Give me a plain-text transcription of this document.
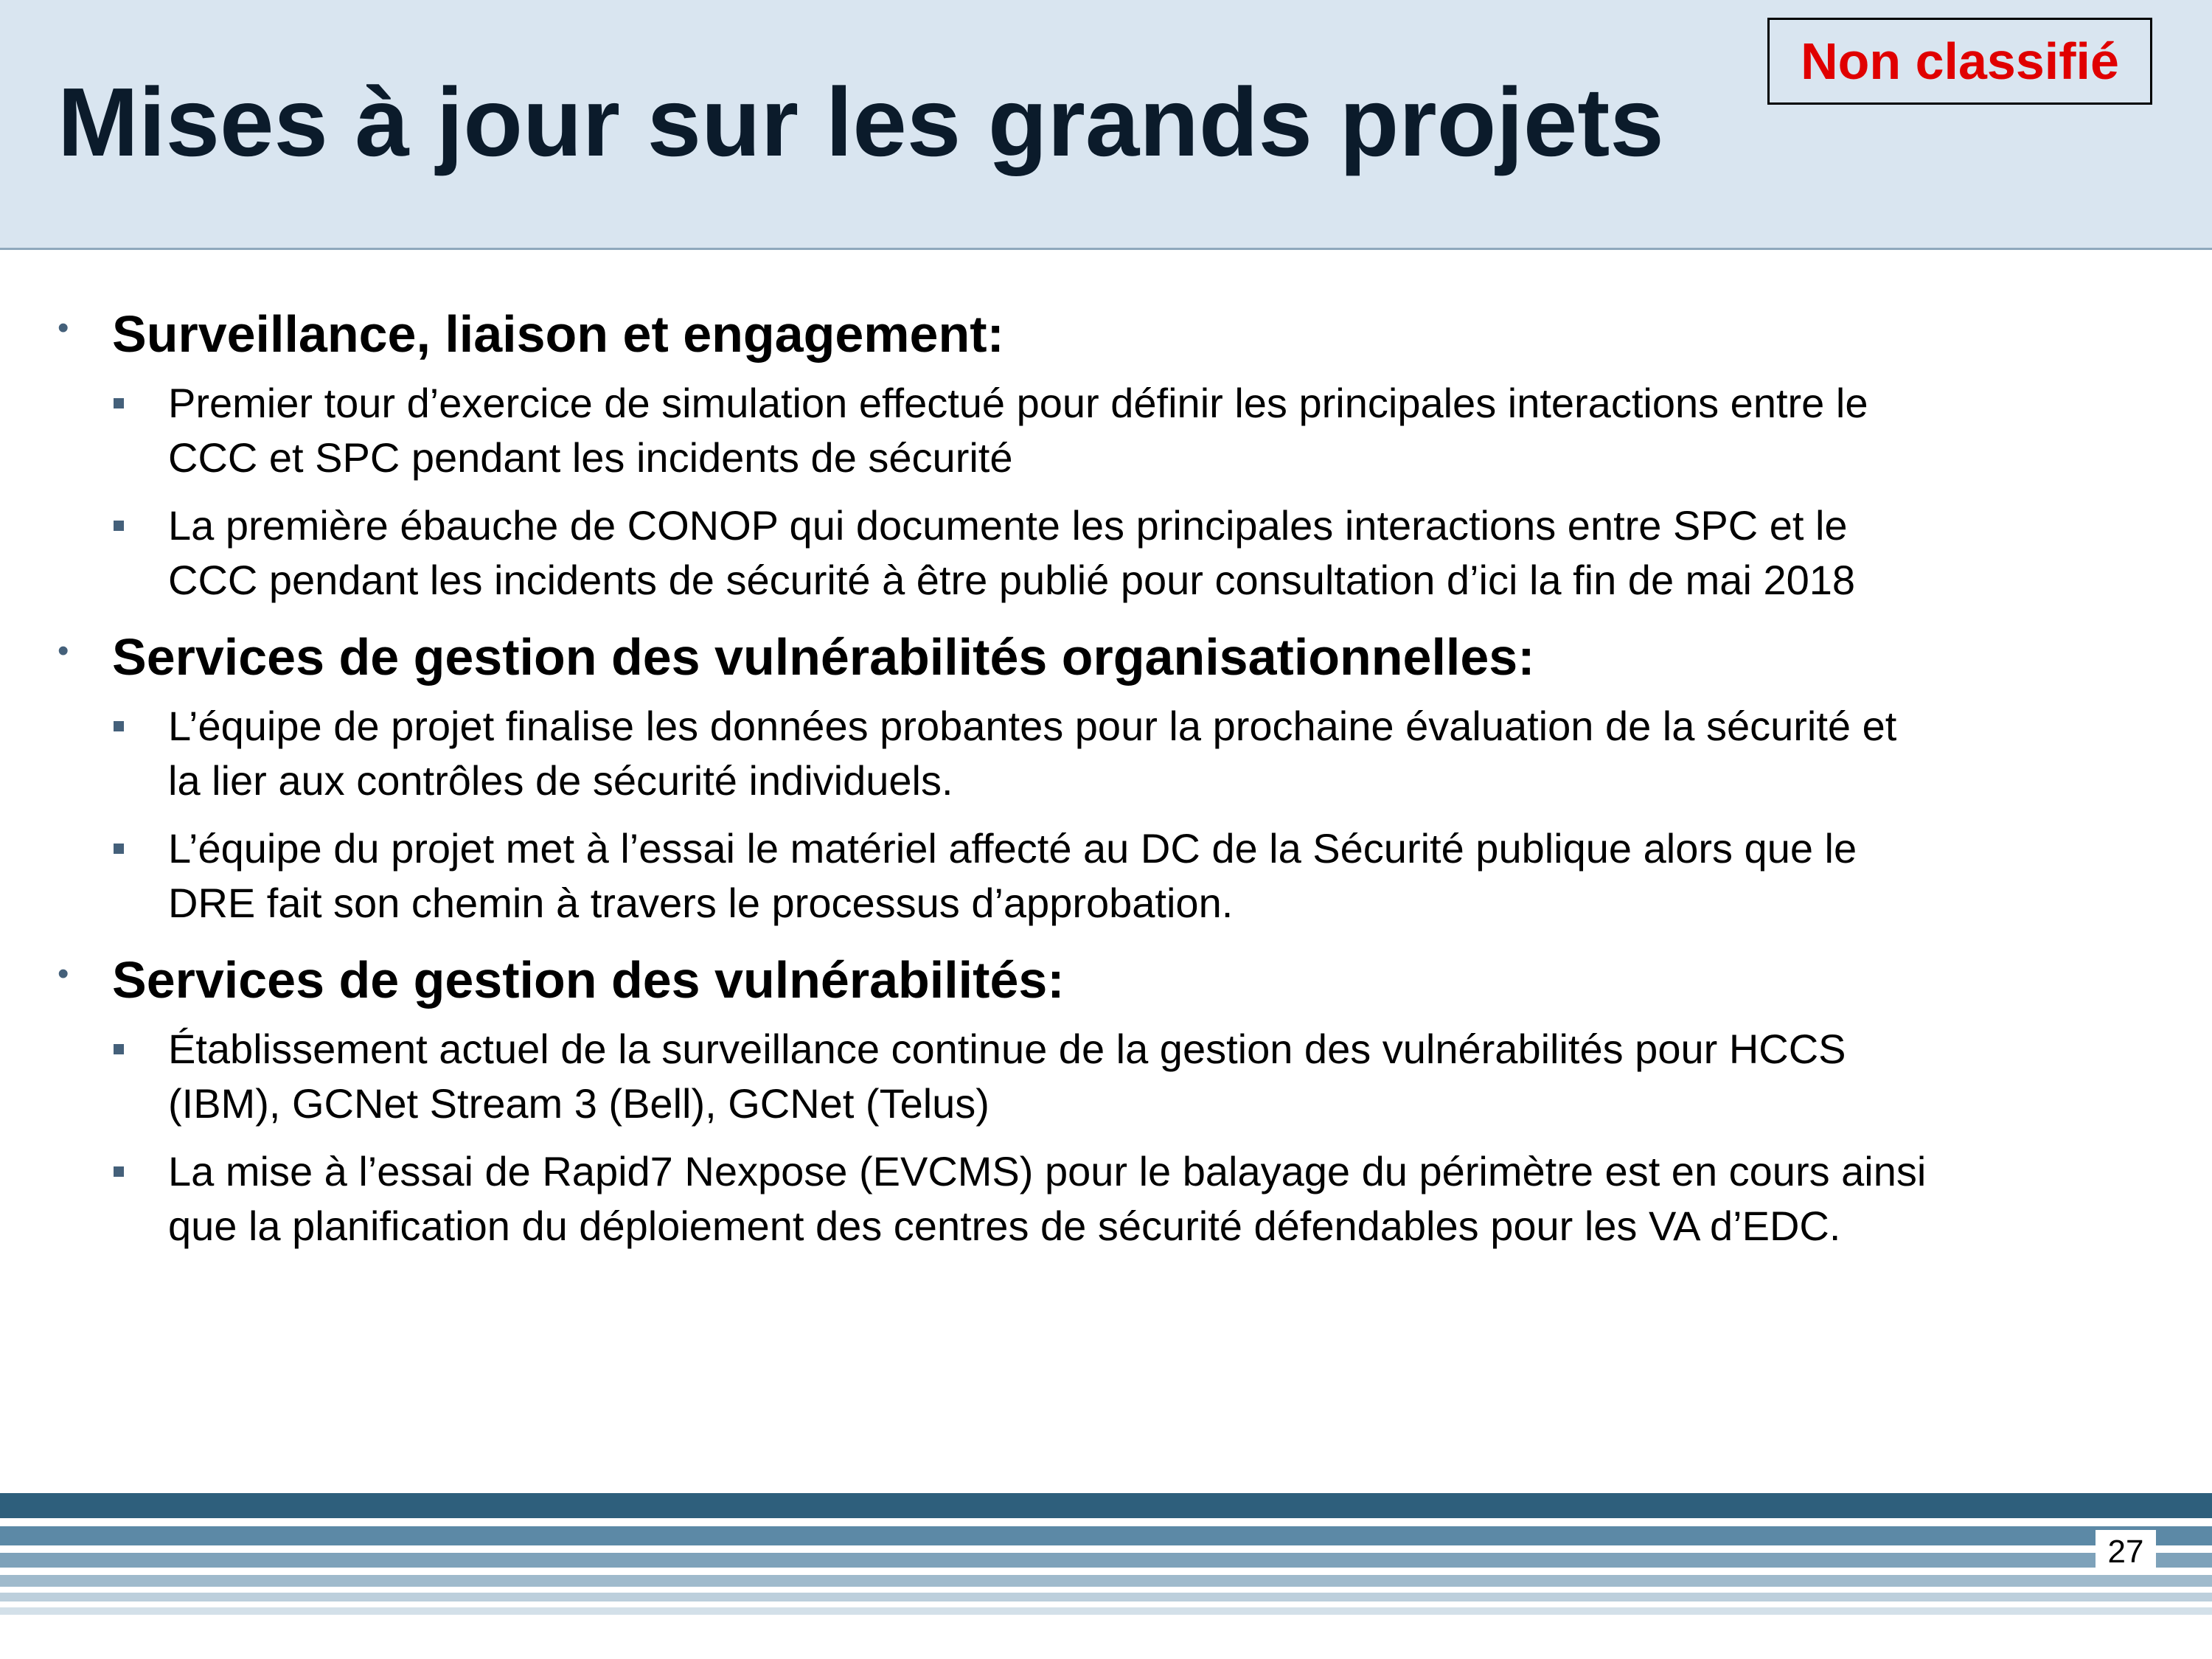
Mises à jour sur les grands projets
Non classifié
• Surveillance, liaison et engagement:
Premier tour d’exercice de simulation effectué pour définir les principales interactions entre le
CCC et SPC pendant les incidents de sécurité
La première ébauche de CONOP qui documente les principales interactions entre SPC et le
CCC pendant les incidents de sécurité à être publié pour consultation d’ici la fin de mai 2018
• Services de gestion des vulnérabilités organisationnelles:
L’équipe de projet finalise les données probantes pour la prochaine évaluation de la sécurité et
la lier aux contrôles de sécurité individuels.
L’équipe du projet met à l’essai le matériel affecté au DC de la Sécurité publique alors que le
DRE fait son chemin à travers le processus d’approbation.
• Services de gestion des vulnérabilités:
Établissement actuel de la surveillance continue de la gestion des vulnérabilités pour HCCS
(IBM), GCNet Stream 3 (Bell), GCNet (Telus)
La mise à l’essai de Rapid7 Nexpose (EVCMS) pour le balayage du périmètre est en cours ainsi
que la planification du déploiement des centres de sécurité défendables pour les VA d’EDC.
27
